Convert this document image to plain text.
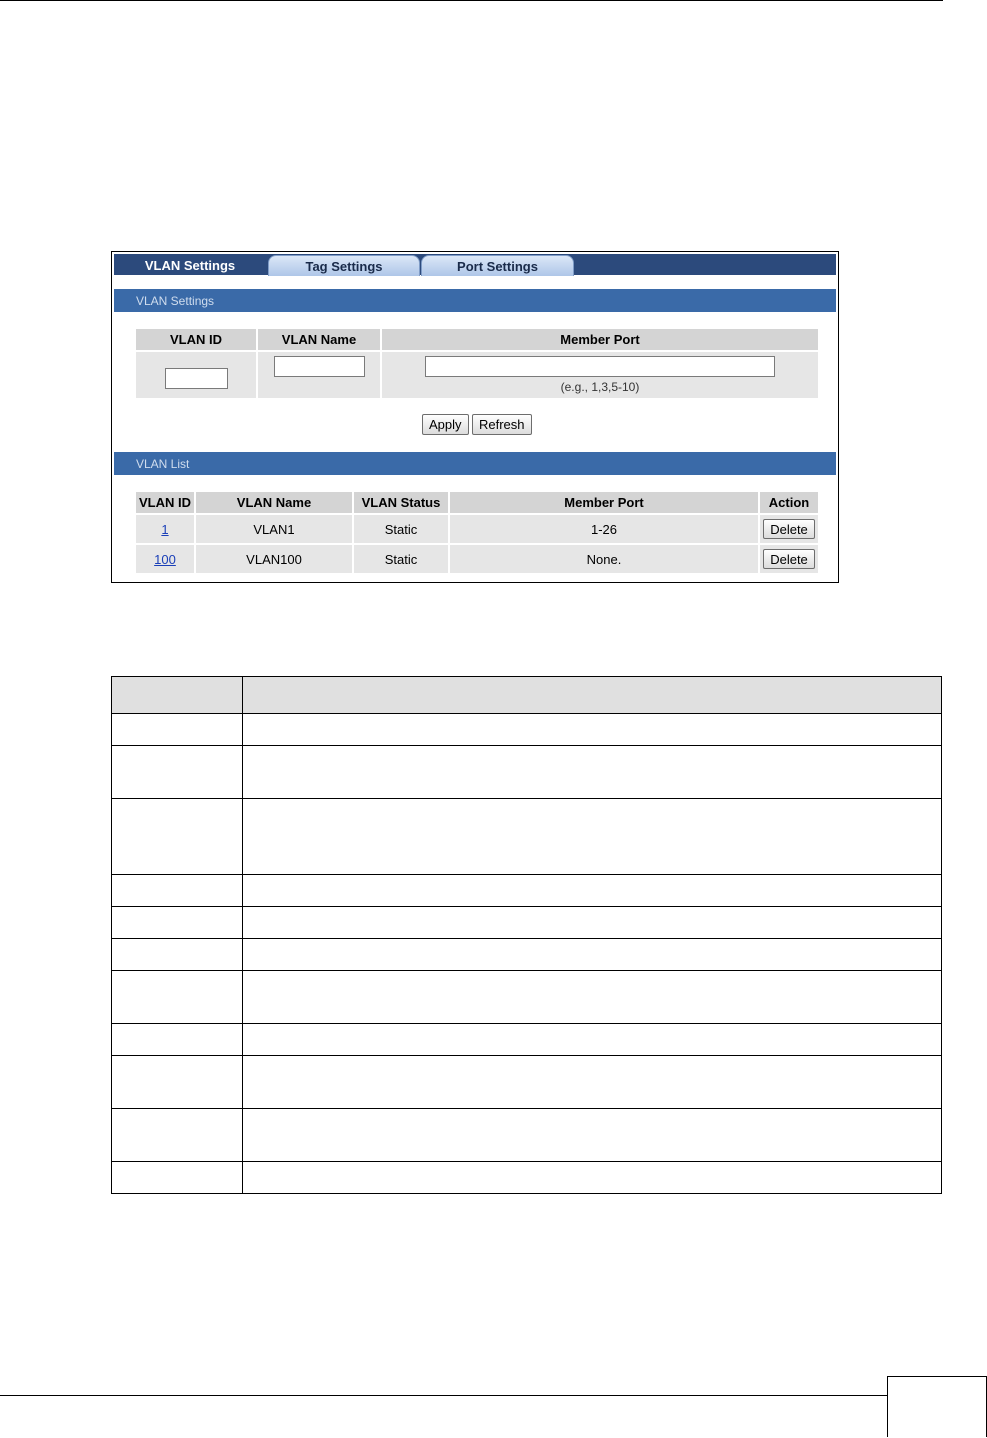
VLAN Settings	Tag Settings	Port Settings
VLAN Settings
VLAN ID	VLAN Name	Member Port

(e.g., 1,3,5-10)
Apply	Refresh
VLAN List
VLAN ID	VLAN Name	VLAN Status	Member Port	Action
1	VLAN1	Static	1-26	Delete
100	VLAN100	Static	None.	Delete
